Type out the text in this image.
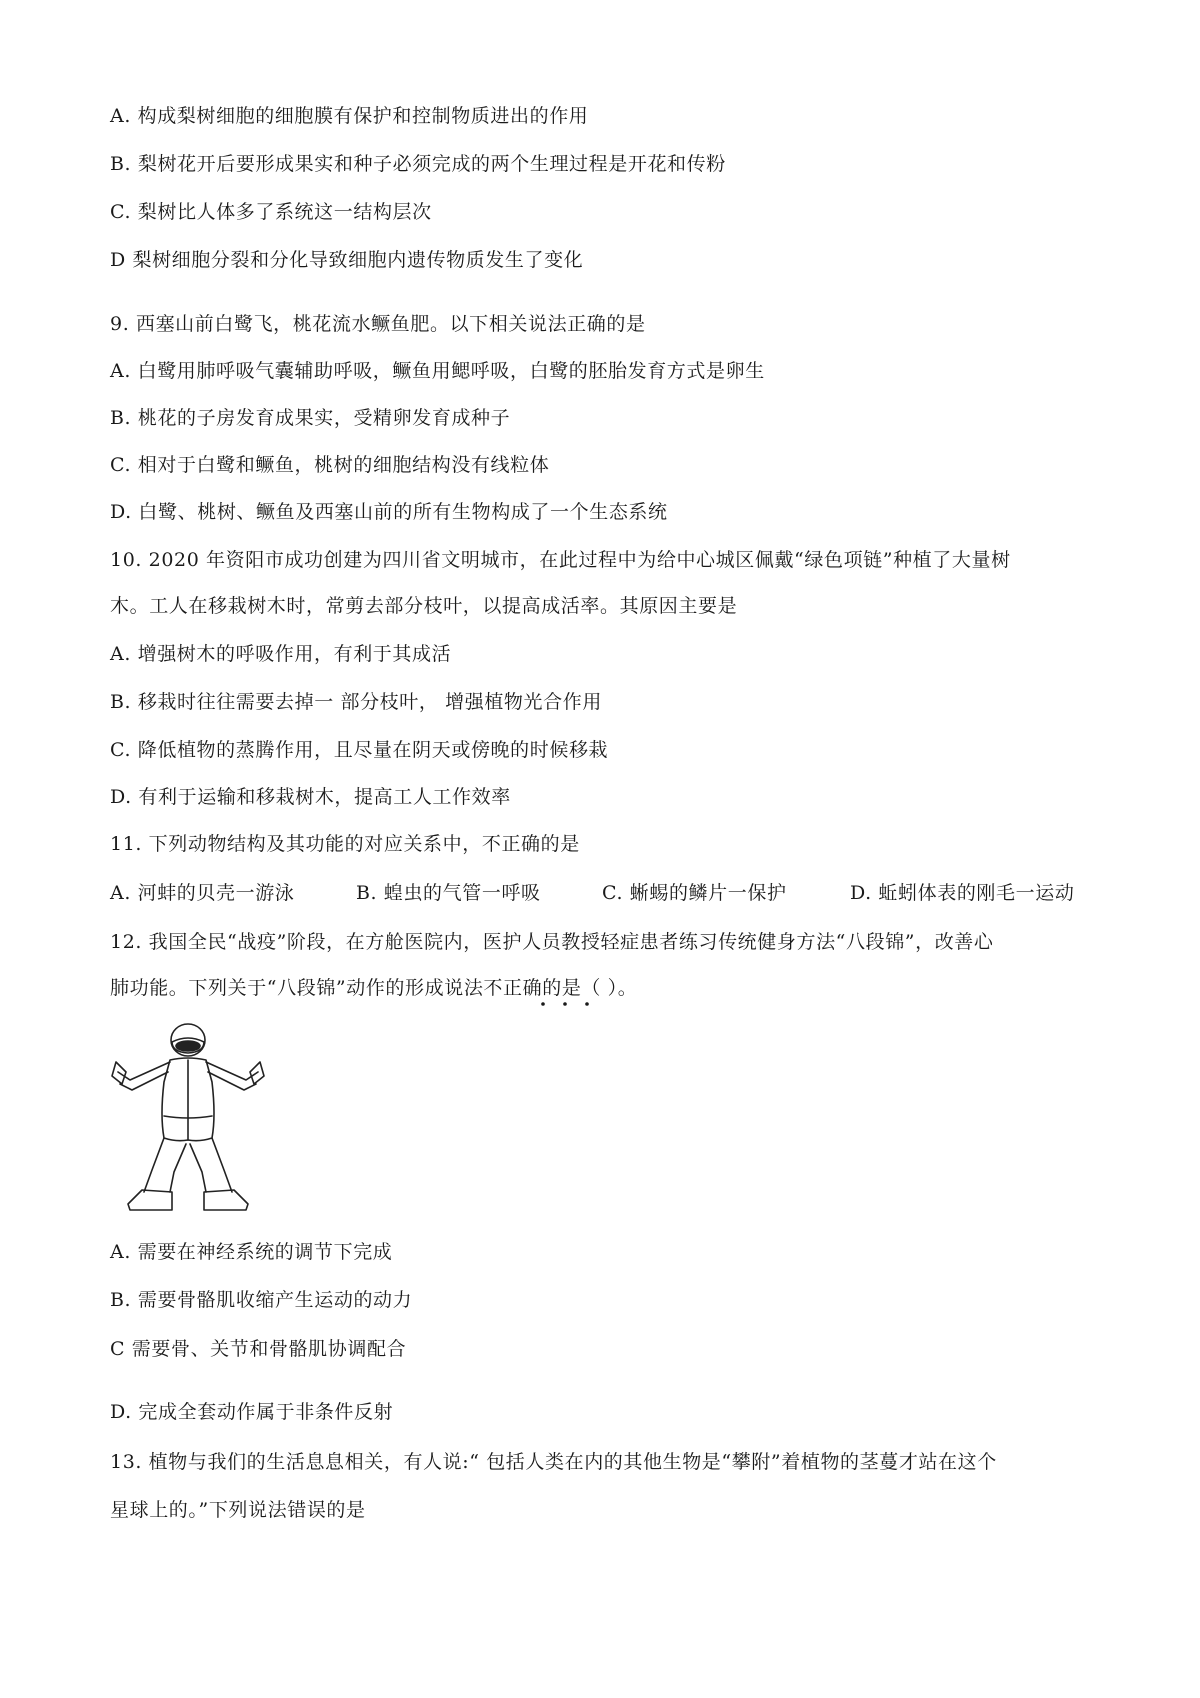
A. 构成梨树细胞的细胞膜有保护和控制物质进出的作用
B. 梨树花开后要形成果实和种子必须完成的两个生理过程是开花和传粉
C. 梨树比人体多了系统这一结构层次
D 梨树细胞分裂和分化导致细胞内遗传物质发生了变化
9. 西塞山前白鹭飞，桃花流水鳜鱼肥。以下相关说法正确的是
A. 白鹭用肺呼吸气囊辅助呼吸，鳜鱼用鳃呼吸，白鹭的胚胎发育方式是卵生
B. 桃花的子房发育成果实，受精卵发育成种子
C. 相对于白鹭和鳜鱼，桃树的细胞结构没有线粒体
D. 白鹭、桃树、鳜鱼及西塞山前的所有生物构成了一个生态系统
10. 2020 年资阳市成功创建为四川省文明城市，在此过程中为给中心城区佩戴“绿色项链”种植了大量树
木。工人在移栽树木时，常剪去部分枝叶，以提高成活率。其原因主要是
A. 增强树木的呼吸作用，有利于其成活
B. 移栽时往往需要去掉一 部分枝叶， 增强植物光合作用
C. 降低植物的蒸腾作用，且尽量在阴天或傍晚的时候移栽
D. 有利于运输和移栽树木，提高工人工作效率
11. 下列动物结构及其功能的对应关系中，不正确的是
A. 河蚌的贝壳一游泳	B. 蝗虫的气管一呼吸	C. 蜥蜴的鳞片一保护	D. 蚯蚓体表的刚毛一运动
12. 我国全民“战疫”阶段，在方舱医院内，医护人员教授轻症患者练习传统健身方法“八段锦”，改善心
肺功能。下列关于“八段锦”动作的形成说法不正确的是（ ）。
A. 需要在神经系统的调节下完成
B. 需要骨骼肌收缩产生运动的动力
C 需要骨、关节和骨骼肌协调配合
D. 完成全套动作属于非条件反射
13. 植物与我们的生活息息相关，有人说:“ 包括人类在内的其他生物是“攀附”着植物的茎蔓才站在这个
星球上的。”下列说法错误的是
